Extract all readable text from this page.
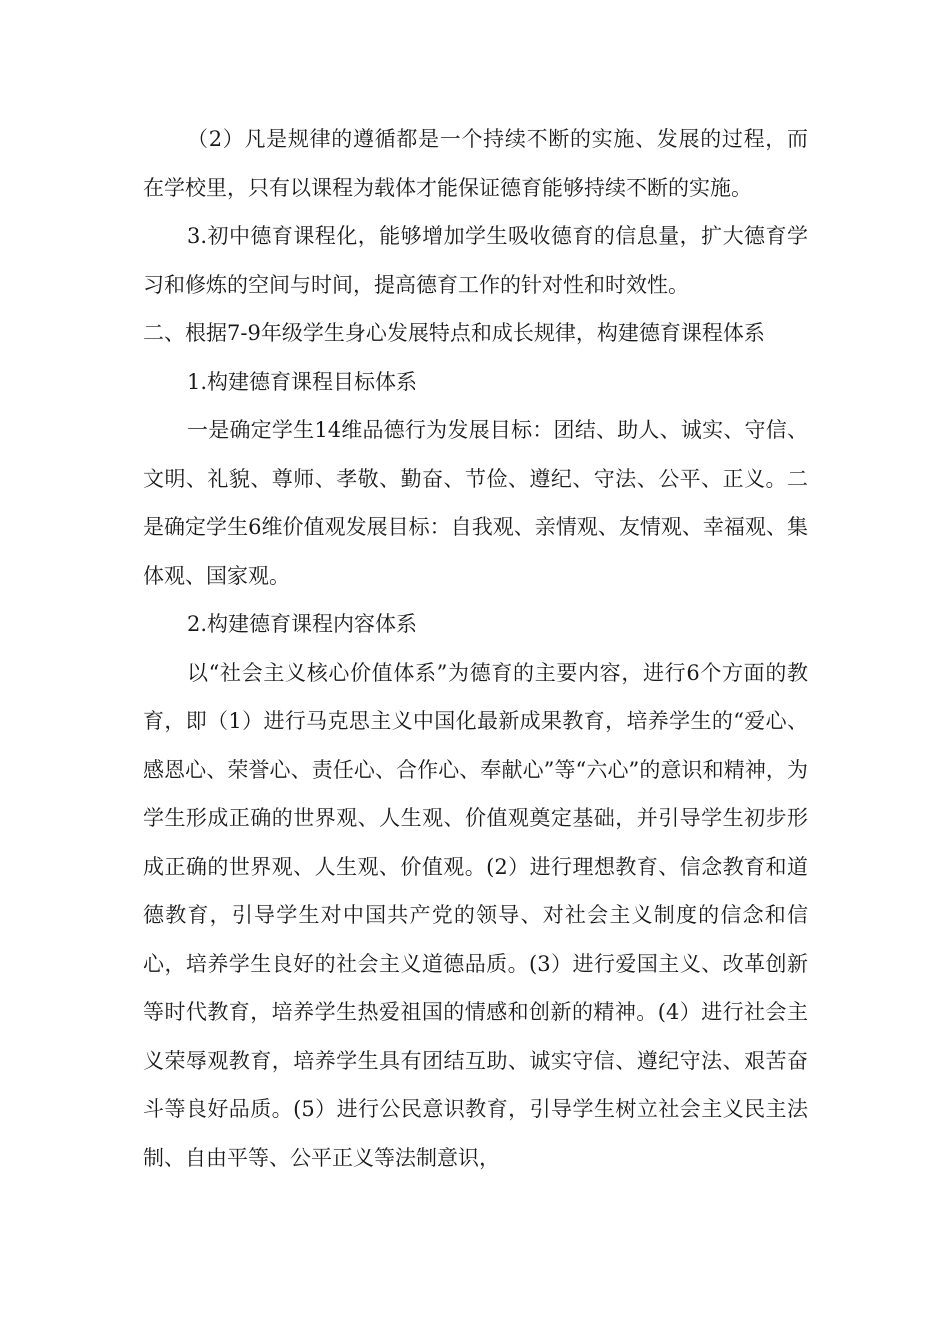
（2）凡是规律的遵循都是一个持续不断的实施、发展的过程，而在学校里，只有以课程为载体才能保证德育能够持续不断的实施。

3.初中德育课程化，能够增加学生吸收德育的信息量，扩大德育学习和修炼的空间与时间，提高德育工作的针对性和时效性。

二、根据7-9年级学生身心发展特点和成长规律，构建德育课程体系

1.构建德育课程目标体系

一是确定学生14维品德行为发展目标：团结、助人、诚实、守信、文明、礼貌、尊师、孝敬、勤奋、节俭、遵纪、守法、公平、正义。二是确定学生6维价值观发展目标：自我观、亲情观、友情观、幸福观、集体观、国家观。

2.构建德育课程内容体系

以“社会主义核心价值体系”为德育的主要内容，进行6个方面的教育，即（1）进行马克思主义中国化最新成果教育，培养学生的“爱心、感恩心、荣誉心、责任心、合作心、奉献心”等“六心”的意识和精神，为学生形成正确的世界观、人生观、价值观奠定基础，并引导学生初步形成正确的世界观、人生观、价值观。(2）进行理想教育、信念教育和道德教育，引导学生对中国共产党的领导、对社会主义制度的信念和信心，培养学生良好的社会主义道德品质。(3）进行爱国主义、改革创新等时代教育，培养学生热爱祖国的情感和创新的精神。(4）进行社会主义荣辱观教育，培养学生具有团结互助、诚实守信、遵纪守法、艰苦奋斗等良好品质。(5）进行公民意识教育，引导学生树立社会主义民主法制、自由平等、公平正义等法制意识，
